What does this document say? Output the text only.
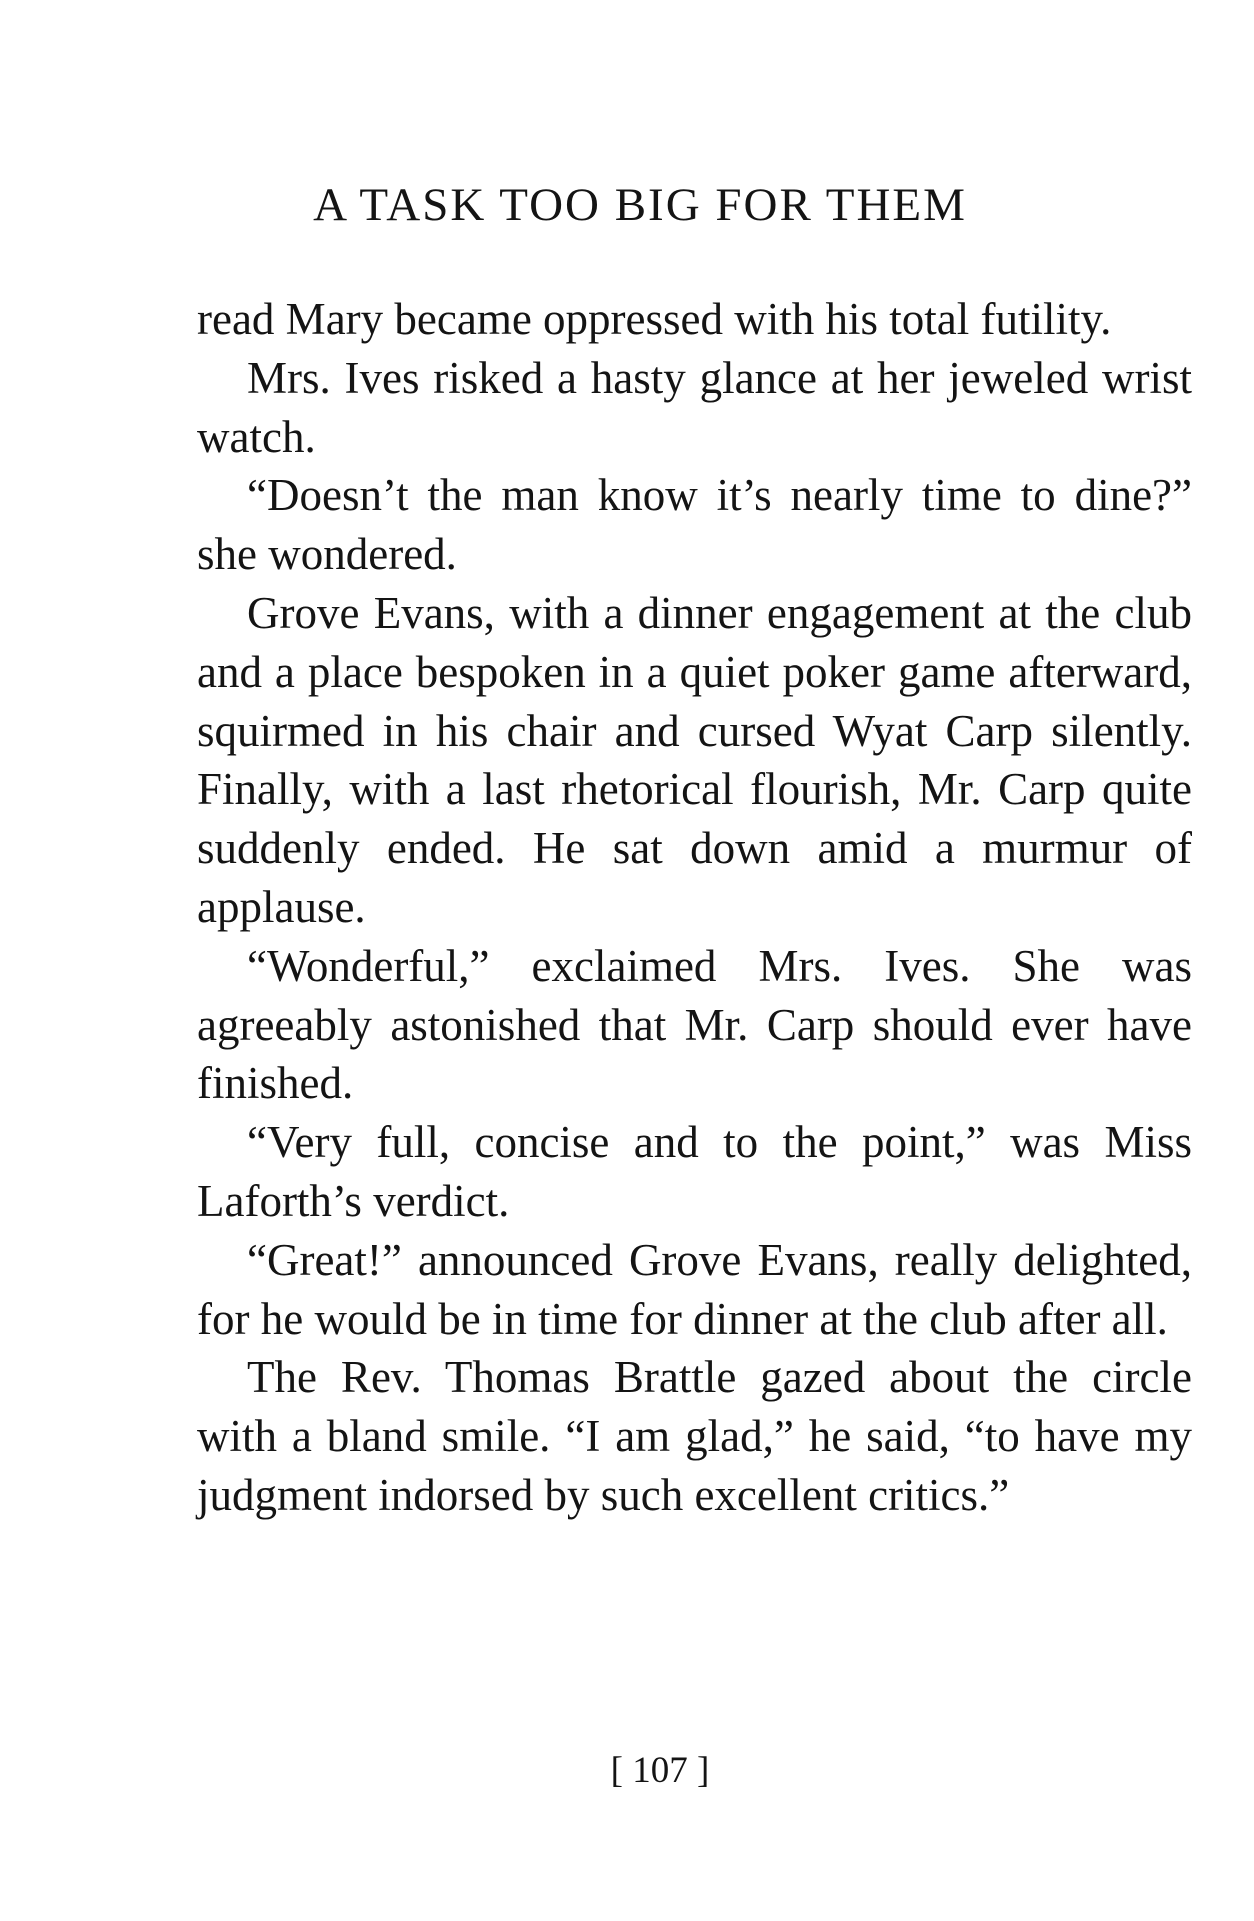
A TASK TOO BIG FOR THEM

read Mary became oppressed with his total futility.

Mrs. Ives risked a hasty glance at her jeweled wrist watch.

“Doesn’t the man know it’s nearly time to dine?” she wondered.

Grove Evans, with a dinner engagement at the club and a place bespoken in a quiet poker game afterward, squirmed in his chair and cursed Wyat Carp silently. Finally, with a last rhetorical flourish, Mr. Carp quite suddenly ended. He sat down amid a murmur of applause.

“Wonderful,” exclaimed Mrs. Ives. She was agreeably astonished that Mr. Carp should ever have finished.

“Very full, concise and to the point,” was Miss Laforth’s verdict.

“Great!” announced Grove Evans, really delighted, for he would be in time for dinner at the club after all.

The Rev. Thomas Brattle gazed about the circle with a bland smile. “I am glad,” he said, “to have my judgment indorsed by such excellent critics.”

[ 107 ]
